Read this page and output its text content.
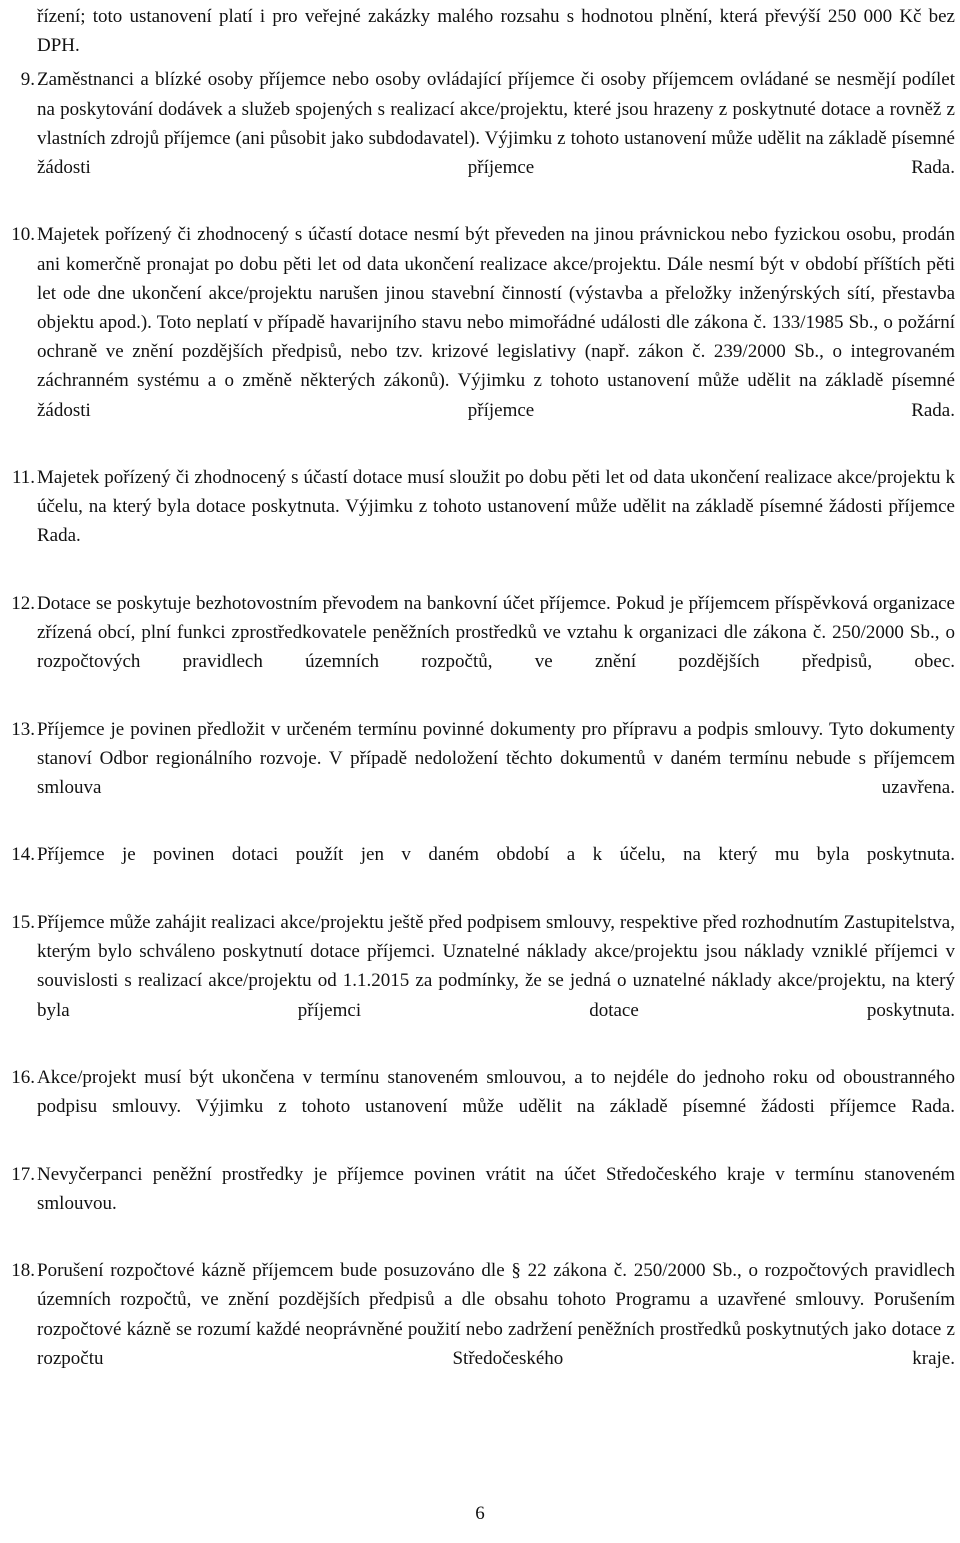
řízení; toto ustanovení platí i pro veřejné zakázky malého rozsahu s hodnotou plnění, která převýší 250 000 Kč bez DPH.

9. Zaměstnanci a blízké osoby příjemce nebo osoby ovládající příjemce či osoby příjemcem ovládané se nesmějí podílet na poskytování dodávek a služeb spojených s realizací akce/projektu, které jsou hrazeny z poskytnuté dotace a rovněž z vlastních zdrojů příjemce (ani působit jako subdodavatel). Výjimku z tohoto ustanovení může udělit na základě písemné žádosti příjemce Rada.

10. Majetek pořízený či zhodnocený s účastí dotace nesmí být převeden na jinou právnickou nebo fyzickou osobu, prodán ani komerčně pronajat po dobu pěti let od data ukončení realizace akce/projektu. Dále nesmí být v období příštích pěti let ode dne ukončení akce/projektu narušen jinou stavební činností (výstavba a přeložky inženýrských sítí, přestavba objektu apod.). Toto neplatí v případě havarijního stavu nebo mimořádné události dle zákona č. 133/1985 Sb., o požární ochraně ve znění pozdějších předpisů, nebo tzv. krizové legislativy (např. zákon č. 239/2000 Sb., o integrovaném záchranném systému a o změně některých zákonů). Výjimku z tohoto ustanovení může udělit na základě písemné žádosti příjemce Rada.

11. Majetek pořízený či zhodnocený s účastí dotace musí sloužit po dobu pěti let od data ukončení realizace akce/projektu k účelu, na který byla dotace poskytnuta. Výjimku z tohoto ustanovení může udělit na základě písemné žádosti příjemce Rada.

12. Dotace se poskytuje bezhotovostním převodem na bankovní účet příjemce. Pokud je příjemcem příspěvková organizace zřízená obcí, plní funkci zprostředkovatele peněžních prostředků ve vztahu k organizaci dle zákona č. 250/2000 Sb., o rozpočtových pravidlech územních rozpočtů, ve znění pozdějších předpisů, obec.

13. Příjemce je povinen předložit v určeném termínu povinné dokumenty pro přípravu a podpis smlouvy. Tyto dokumenty stanoví Odbor regionálního rozvoje. V případě nedoložení těchto dokumentů v daném termínu nebude s příjemcem smlouva uzavřena.

14. Příjemce je povinen dotaci použít jen v daném období a k účelu, na který mu byla poskytnuta.

15. Příjemce může zahájit realizaci akce/projektu ještě před podpisem smlouvy, respektive před rozhodnutím Zastupitelstva, kterým bylo schváleno poskytnutí dotace příjemci. Uznatelné náklady akce/projektu jsou náklady vzniklé příjemci v souvislosti s realizací akce/projektu od 1.1.2015 za podmínky, že se jedná o uznatelné náklady akce/projektu, na který byla příjemci dotace poskytnuta.

16. Akce/projekt musí být ukončena v termínu stanoveném smlouvou, a to nejdéle do jednoho roku od oboustranného podpisu smlouvy. Výjimku z tohoto ustanovení může udělit na základě písemné žádosti příjemce Rada.

17. Nevyčerpanci peněžní prostředky je příjemce povinen vrátit na účet Středočeského kraje v termínu stanoveném smlouvou.

18. Porušení rozpočtové kázně příjemcem bude posuzováno dle § 22 zákona č. 250/2000 Sb., o rozpočtových pravidlech územních rozpočtů, ve znění pozdějších předpisů a dle obsahu tohoto Programu a uzavřené smlouvy. Porušením rozpočtové kázně se rozumí každé neoprávněné použití nebo zadržení peněžních prostředků poskytnutých jako dotace z rozpočtu Středočeského kraje.

6
